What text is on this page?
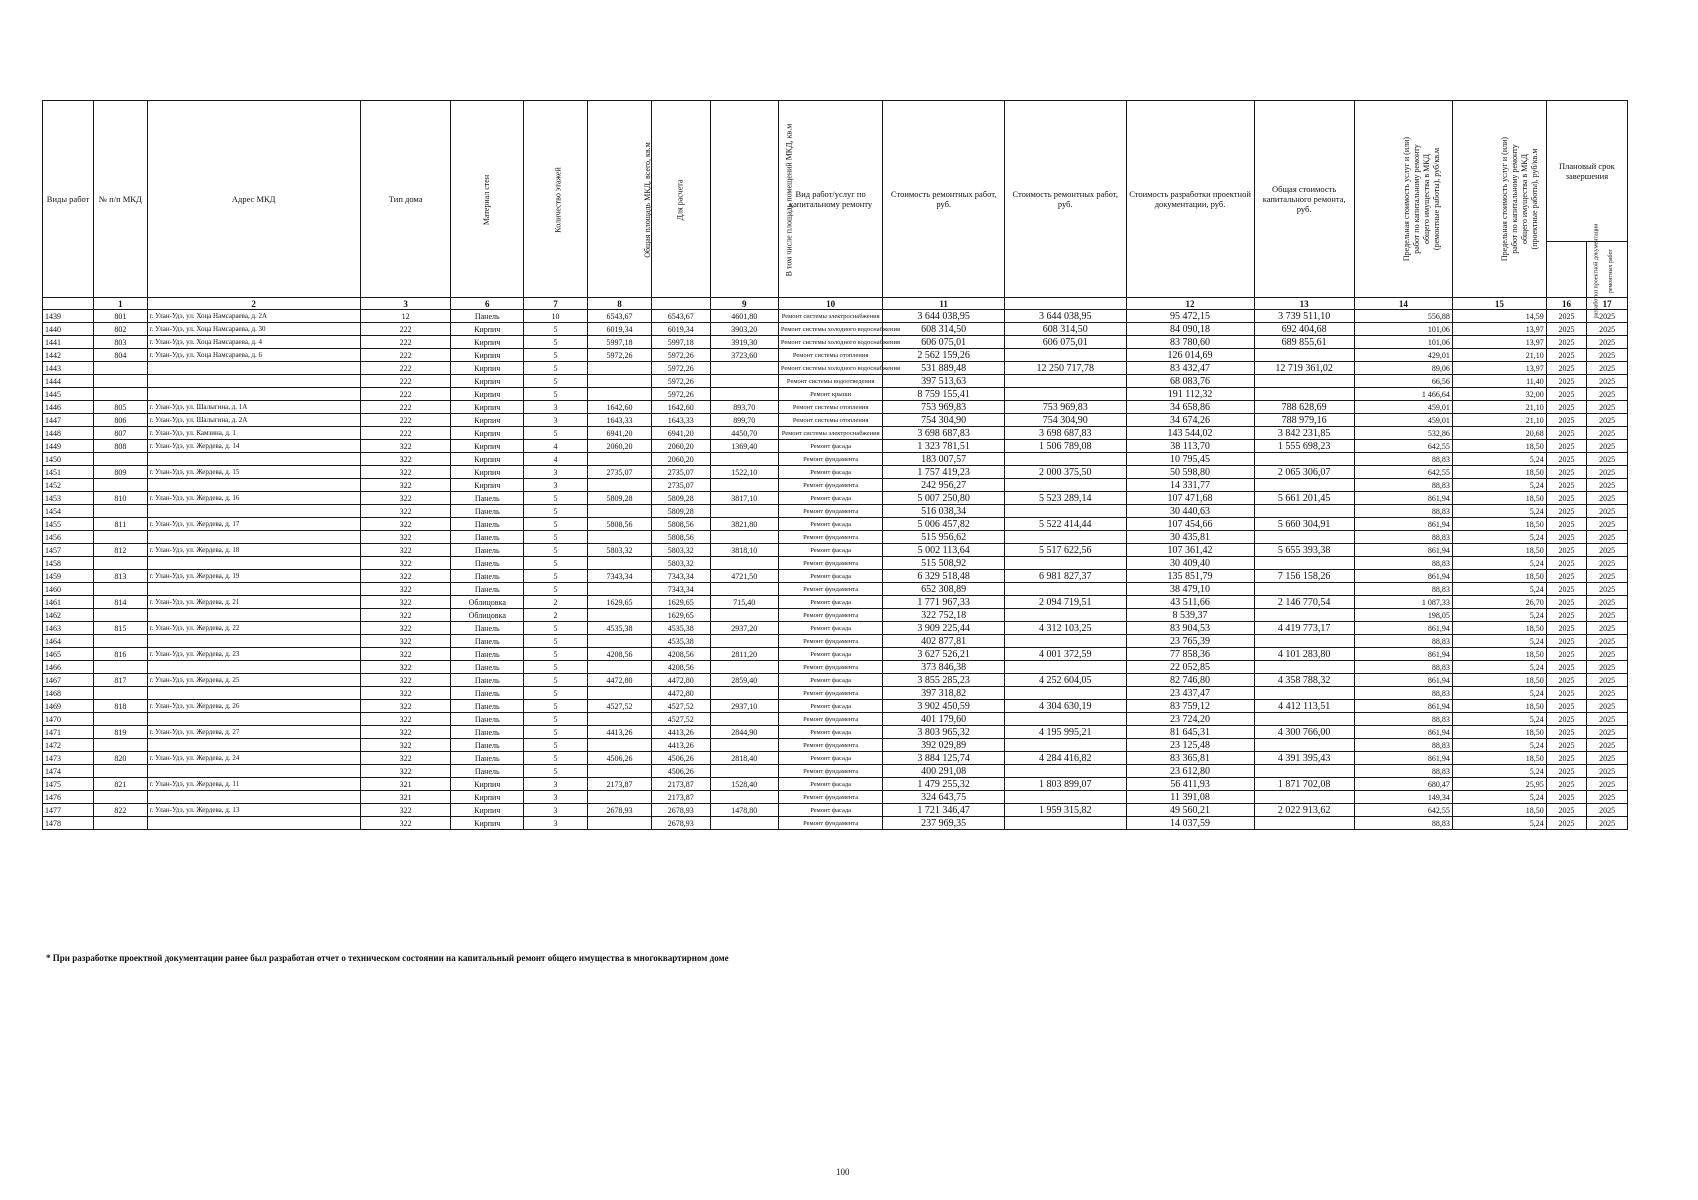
Виды работ	№ п/п МКД	Адрес МКД	Тип дома	Материал стен	Количество этажей	Общая площадь МКД, всего, кв.м	Для расчета	В том числе площадь помещений МКД, кв.м	Вид работ/услуг по капитальному ремонту	Стоимость ремонтных работ, руб.	Стоимость ремонтных работ, руб.	Стоимость разработки проектной документации, руб.	Общая стоимость капитального ремонта, руб.	Предельная стоимость услуг и (или) работ по капитальному ремонту общего имущества в МКД (ремонтные работы), руб/кв.м	Предельная стоимость услуг и (или) работ по капитальному ремонту общего имущества в МКД (проектные работы), руб/кв.м	Плановый срок завершения	
																разработки проектной документации	ремонтных работ
	1	2	3	6	7	8		9	10	11		12	13	14	15	16	17
1439	801	г. Улан-Удэ, ул. Хоца Намсараева, д. 2А	12	Панель	10	6543,67	6543,67	4601,80	Ремонт системы электроснабжения	3 644 038,95	3 644 038,95	95 472,15	3 739 511,10	556,88	14,59	2025	2025
1440	802	г. Улан-Удэ, ул. Хоца Намсараева, д. 30	222	Кирпич	5	6019,34	6019,34	3903,20	Ремонт системы холодного водоснабжения	608 314,50	608 314,50	84 090,18	692 404,68	101,06	13,97	2025	2025
1441	803	г. Улан-Удэ, ул. Хоца Намсараева, д. 4	222	Кирпич	5	5997,18	5997,18	3919,30	Ремонт системы холодного водоснабжения	606 075,01	606 075,01	83 780,60	689 855,61	101,06	13,97	2025	2025
1442	804	г. Улан-Удэ, ул. Хоца Намсараева, д. 6	222	Кирпич	5	5972,26	5972,26	3723,60	Ремонт системы отопления	2 562 159,26		126 014,69		429,01	21,10	2025	2025
1443			222	Кирпич	5		5972,26		Ремонт системы холодного водоснабжения	531 889,48	12 250 717,78	83 432,47	12 719 361,02	89,06	13,97	2025	2025
1444			222	Кирпич	5		5972,26		Ремонт системы водоотведения	397 513,63		68 083,76		66,56	11,40	2025	2025
1445			222	Кирпич	5		5972,26		Ремонт крыши	8 759 155,41		191 112,32		1 466,64	32,00	2025	2025
1446	805	г. Улан-Удэ, ул. Шалыгина, д. 1А	222	Кирпич	3	1642,60	1642,60	893,70	Ремонт системы отопления	753 969,83	753 969,83	34 658,86	788 628,69	459,01	21,10	2025	2025
1447	806	г. Улан-Удэ, ул. Шалыгина, д. 2А	222	Кирпич	3	1643,33	1643,33	899,70	Ремонт системы отопления	754 304,90	754 304,90	34 674,26	788 979,16	459,01	21,10	2025	2025
1448	807	г. Улан-Удэ, ул. Камзина, д. 1	222	Кирпич	5	6941,20	6941,20	4450,70	Ремонт системы электроснабжения	3 698 687,83	3 698 687,83	143 544,02	3 842 231,85	532,86	20,68	2025	2025
1449	808	г. Улан-Удэ, ул. Жердева, д. 14	322	Кирпич	4	2060,20	2060,20	1369,40	Ремонт фасада	1 323 781,51	1 506 789,08	38 113,70	1 555 698,23	642,55	18,50	2025	2025
1450			322	Кирпич	4		2060,20		Ремонт фундамента	183 007,57		10 795,45		88,83	5,24	2025	2025
1451	809	г. Улан-Удэ, ул. Жердева, д. 15	322	Кирпич	3	2735,07	2735,07	1522,10	Ремонт фасада	1 757 419,23	2 000 375,50	50 598,80	2 065 306,07	642,55	18,50	2025	2025
1452			322	Кирпич	3		2735,07		Ремонт фундамента	242 956,27		14 331,77		88,83	5,24	2025	2025
1453	810	г. Улан-Удэ, ул. Жердева, д. 16	322	Панель	5	5809,28	5809,28	3817,10	Ремонт фасада	5 007 250,80	5 523 289,14	107 471,68	5 661 201,45	861,94	18,50	2025	2025
1454			322	Панель	5		5809,28		Ремонт фундамента	516 038,34		30 440,63		88,83	5,24	2025	2025
1455	811	г. Улан-Удэ, ул. Жердева, д. 17	322	Панель	5	5808,56	5808,56	3821,80	Ремонт фасада	5 006 457,82	5 522 414,44	107 454,66	5 660 304,91	861,94	18,50	2025	2025
1456			322	Панель	5		5808,56		Ремонт фундамента	515 956,62		30 435,81		88,83	5,24	2025	2025
1457	812	г. Улан-Удэ, ул. Жердева, д. 18	322	Панель	5	5803,32	5803,32	3818,10	Ремонт фасада	5 002 113,64	5 517 622,56	107 361,42	5 655 393,38	861,94	18,50	2025	2025
1458			322	Панель	5		5803,32		Ремонт фундамента	515 508,92		30 409,40		88,83	5,24	2025	2025
1459	813	г. Улан-Удэ, ул. Жердева, д. 19	322	Панель	5	7343,34	7343,34	4721,50	Ремонт фасада	6 329 518,48	6 981 827,37	135 851,79	7 156 158,26	861,94	18,50	2025	2025
1460			322	Панель	5		7343,34		Ремонт фундамента	652 308,89		38 479,10		88,83	5,24	2025	2025
1461	814	г. Улан-Удэ, ул. Жердева, д. 21	322	Облицовка	2	1629,65	1629,65	715,40	Ремонт фасада	1 771 967,33	2 094 719,51	43 511,66	2 146 770,54	1 087,33	26,70	2025	2025
1462			322	Облицовка	2		1629,65		Ремонт фундамента	322 752,18		8 539,37		198,05	5,24	2025	2025
1463	815	г. Улан-Удэ, ул. Жердева, д. 22	322	Панель	5	4535,38	4535,38	2937,20	Ремонт фасада	3 909 225,44	4 312 103,25	83 904,53	4 419 773,17	861,94	18,50	2025	2025
1464			322	Панель	5		4535,38		Ремонт фундамента	402 877,81		23 765,39		88,83	5,24	2025	2025
1465	816	г. Улан-Удэ, ул. Жердева, д. 23	322	Панель	5	4208,56	4208,56	2811,20	Ремонт фасада	3 627 526,21	4 001 372,59	77 858,36	4 101 283,80	861,94	18,50	2025	2025
1466			322	Панель	5		4208,56		Ремонт фундамента	373 846,38		22 052,85		88,83	5,24	2025	2025
1467	817	г. Улан-Удэ, ул. Жердева, д. 25	322	Панель	5	4472,80	4472,80	2859,40	Ремонт фасада	3 855 285,23	4 252 604,05	82 746,80	4 358 788,32	861,94	18,50	2025	2025
1468			322	Панель	5		4472,80		Ремонт фундамента	397 318,82		23 437,47		88,83	5,24	2025	2025
1469	818	г. Улан-Удэ, ул. Жердева, д. 26	322	Панель	5	4527,52	4527,52	2937,10	Ремонт фасада	3 902 450,59	4 304 630,19	83 759,12	4 412 113,51	861,94	18,50	2025	2025
1470			322	Панель	5		4527,52		Ремонт фундамента	401 179,60		23 724,20		88,83	5,24	2025	2025
1471	819	г. Улан-Удэ, ул. Жердева, д. 27	322	Панель	5	4413,26	4413,26	2844,90	Ремонт фасада	3 803 965,32	4 195 995,21	81 645,31	4 300 766,00	861,94	18,50	2025	2025
1472			322	Панель	5		4413,26		Ремонт фундамента	392 029,89		23 125,48		88,83	5,24	2025	2025
1473	820	г. Улан-Удэ, ул. Жердева, д. 24	322	Панель	5	4506,26	4506,26	2818,40	Ремонт фасада	3 884 125,74	4 284 416,82	83 365,81	4 391 395,43	861,94	18,50	2025	2025
1474			322	Панель	5		4506,26		Ремонт фундамента	400 291,08		23 612,80		88,83	5,24	2025	2025
1475	821	г. Улан-Удэ, ул. Жердева, д. 11	321	Кирпич	3	2173,87	2173,87	1528,40	Ремонт фасада	1 479 255,32	1 803 899,07	56 411,93	1 871 702,08	680,47	25,95	2025	2025
1476			321	Кирпич	3		2173,87		Ремонт фундамента	324 643,75		11 391,08		149,34	5,24	2025	2025
1477	822	г. Улан-Удэ, ул. Жердева, д. 13	322	Кирпич	3	2678,93	2678,93	1478,80	Ремонт фасада	1 721 346,47	1 959 315,82	49 560,21	2 022 913,62	642,55	18,50	2025	2025
1478			322	Кирпич	3		2678,93		Ремонт фундамента	237 969,35		14 037,59		88,83	5,24	2025	2025
* При разработке проектной документации ранее был разработан отчет о техническом состоянии на капитальный ремонт общего имущества в многоквартирном доме
100
